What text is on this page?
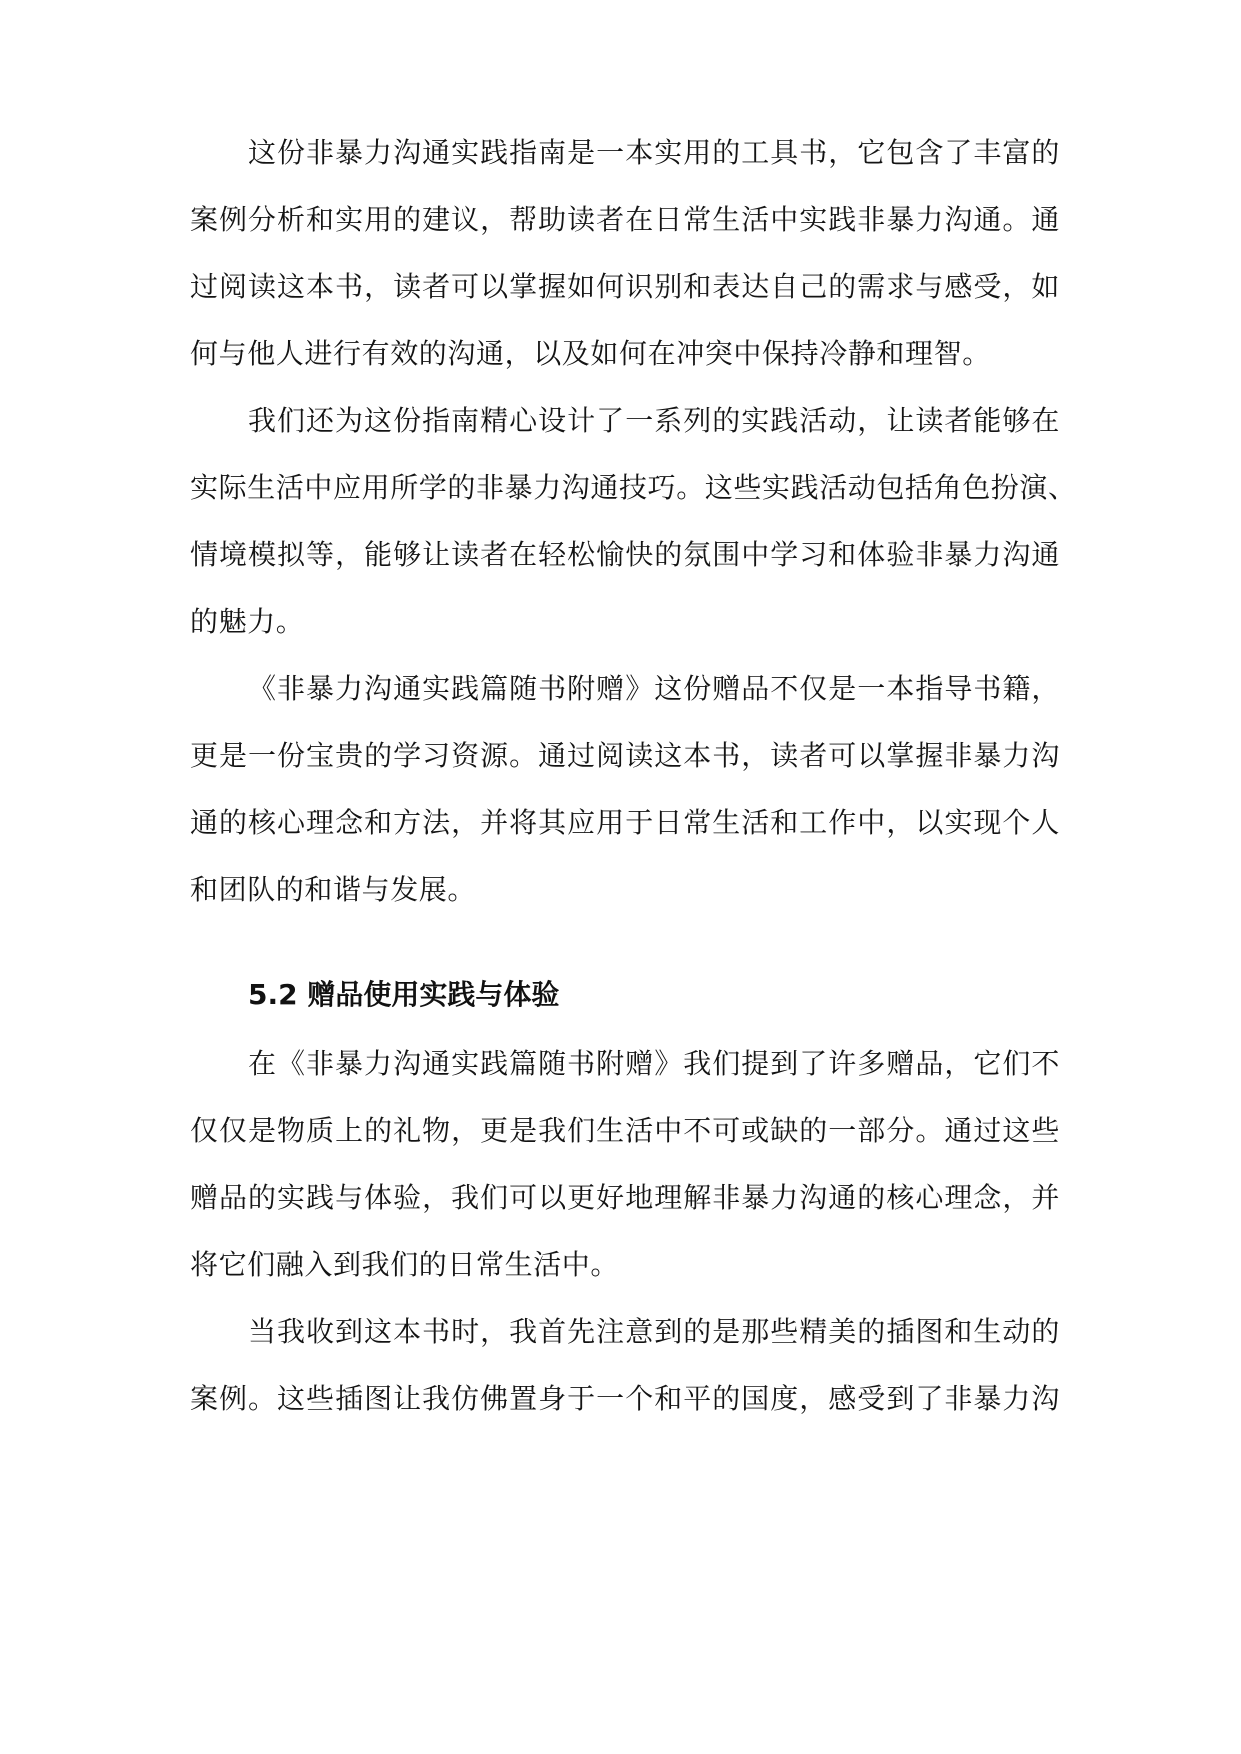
这份非暴力沟通实践指南是一本实用的工具书，它包含了丰富的
案例分析和实用的建议，帮助读者在日常生活中实践非暴力沟通。通
过阅读这本书，读者可以掌握如何识别和表达自己的需求与感受，如
何与他人进行有效的沟通，以及如何在冲突中保持冷静和理智。
我们还为这份指南精心设计了一系列的实践活动，让读者能够在
实际生活中应用所学的非暴力沟通技巧。这些实践活动包括角色扮演、
情境模拟等，能够让读者在轻松愉快的氛围中学习和体验非暴力沟通
的魅力。
《非暴力沟通实践篇随书附赠》这份赠品不仅是一本指导书籍，
更是一份宝贵的学习资源。通过阅读这本书，读者可以掌握非暴力沟
通的核心理念和方法，并将其应用于日常生活和工作中，以实现个人
和团队的和谐与发展。
5.2 赠品使用实践与体验
在《非暴力沟通实践篇随书附赠》我们提到了许多赠品，它们不
仅仅是物质上的礼物，更是我们生活中不可或缺的一部分。通过这些
赠品的实践与体验，我们可以更好地理解非暴力沟通的核心理念，并
将它们融入到我们的日常生活中。
当我收到这本书时，我首先注意到的是那些精美的插图和生动的
案例。这些插图让我仿佛置身于一个和平的国度，感受到了非暴力沟
